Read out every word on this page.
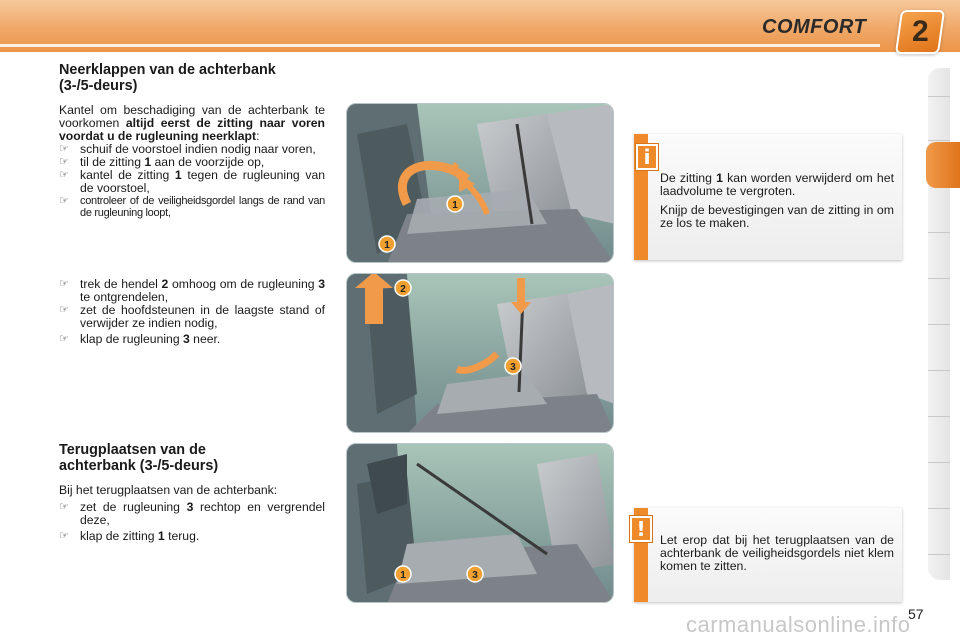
COMFORT 2
Neerklappen van de achterbank
(3-/5-deurs)

Kantel om beschadiging van de achterbank te voorkomen altijd eerst de zitting naar voren voordat u de rugleuning neerklapt:

☞ schuif de voorstoel indien nodig naar voren,
☞ til de zitting 1 aan de voorzijde op,
☞ kantel de zitting 1 tegen de rugleuning van de voorstoel,
☞ controleer of de veiligheidsgordel langs de rand van de rugleuning loopt,
☞ trek de hendel 2 omhoog om de rugleuning 3 te ontgrendelen,
☞ zet de hoofdsteunen in de laagste stand of verwijder ze indien nodig,
☞ klap de rugleuning 3 neer.
Terugplaatsen van de
achterbank (3-/5-deurs)

Bij het terugplaatsen van de achterbank:

☞ zet de rugleuning 3 rechtop en vergrendel deze,
☞ klap de zitting 1 terug.
1
1
1
2
3
3
1	3

De zitting 1 kan worden verwijderd om het laadvolume te vergroten.

Knijp de bevestigingen van de zitting in om ze los te maken.

i

Let erop dat bij het terugplaatsen van de achterbank de veiligheidsgordels niet klem komen te zitten.

!
carmanualsonline.info
57
